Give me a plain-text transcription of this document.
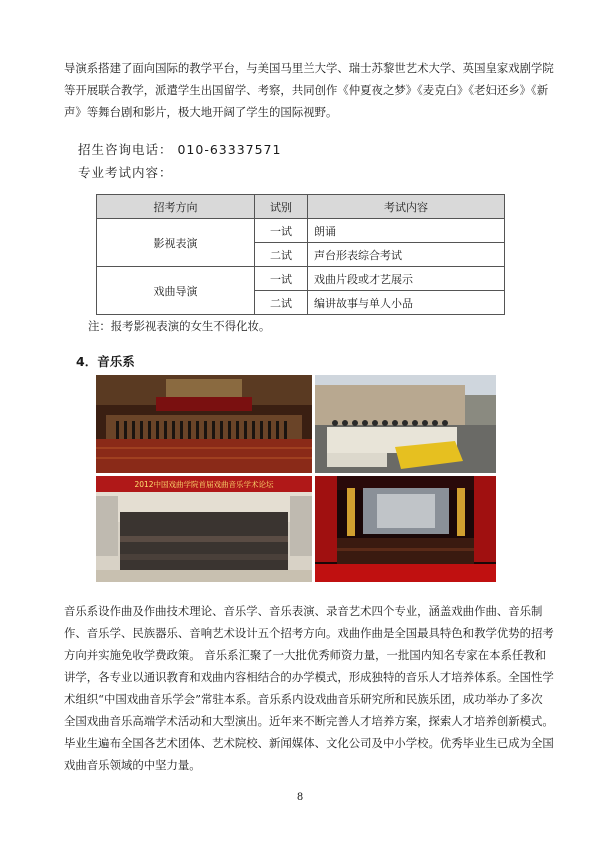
导演系搭建了面向国际的教学平台，与美国马里兰大学、瑞士苏黎世艺术大学、英国皇家戏剧学院等开展联合教学，派遣学生出国留学、考察，共同创作《仲夏夜之梦》《麦克白》《老妇还乡》《新声》等舞台剧和影片，极大地开阔了学生的国际视野。

招生咨询电话： 010-63337571

专业考试内容：

招考方向	试别	考试内容
影视表演	一试	朗诵
	二试	声台形表综合考试
戏曲导演	一试	戏曲片段或才艺展示
	二试	编讲故事与单人小品

注：报考影视表演的女生不得化妆。

4．音乐系

2012中国戏曲学院首届戏曲音乐学术论坛

音乐系设作曲及作曲技术理论、音乐学、音乐表演、录音艺术四个专业，涵盖戏曲作曲、音乐制作、音乐学、民族器乐、音响艺术设计五个招考方向。戏曲作曲是全国最具特色和教学优势的招考方向并实施免收学费政策。 音乐系汇聚了一大批优秀师资力量，一批国内知名专家在本系任教和讲学，各专业以通识教育和戏曲内容相结合的办学模式，形成独特的音乐人才培养体系。全国性学术组织“中国戏曲音乐学会”常驻本系。音乐系内设戏曲音乐研究所和民族乐团，成功举办了多次全国戏曲音乐高端学术活动和大型演出。近年来不断完善人才培养方案，探索人才培养创新模式。毕业生遍布全国各艺术团体、艺术院校、新闻媒体、文化公司及中小学校。优秀毕业生已成为全国戏曲音乐领域的中坚力量。

8
